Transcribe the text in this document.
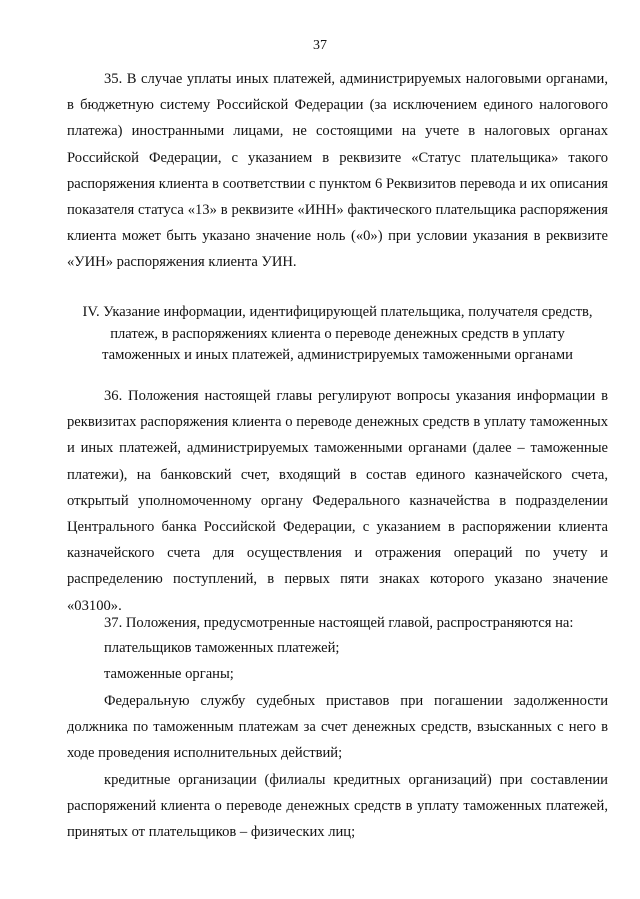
37

35. В случае уплаты иных платежей, администрируемых налоговыми органами, в бюджетную систему Российской Федерации (за исключением единого налогового платежа) иностранными лицами, не состоящими на учете в налоговых органах Российской Федерации, с указанием в реквизите «Статус плательщика» такого распоряжения клиента в соответствии с пунктом 6 Реквизитов перевода и их описания показателя статуса «13» в реквизите «ИНН» фактического плательщика распоряжения клиента может быть указано значение ноль («0») при условии указания в реквизите «УИН» распоряжения клиента УИН.

IV. Указание информации, идентифицирующей плательщика, получателя средств,
платеж, в распоряжениях клиента о переводе денежных средств в уплату
таможенных и иных платежей, администрируемых таможенными органами

36. Положения настоящей главы регулируют вопросы указания информации в реквизитах распоряжения клиента о переводе денежных средств в уплату таможенных и иных платежей, администрируемых таможенными органами (далее – таможенные платежи), на банковский счет, входящий в состав единого казначейского счета, открытый уполномоченному органу Федерального казначейства в подразделении Центрального банка Российской Федерации, с указанием в распоряжении клиента казначейского счета для осуществления и отражения операций по учету и распределению поступлений, в первых пяти знаках которого указано значение «03100».

37. Положения, предусмотренные настоящей главой, распространяются на:

плательщиков таможенных платежей;

таможенные органы;

Федеральную службу судебных приставов при погашении задолженности должника по таможенным платежам за счет денежных средств, взысканных с него в ходе проведения исполнительных действий;

кредитные организации (филиалы кредитных организаций) при составлении распоряжений клиента о переводе денежных средств в уплату таможенных платежей, принятых от плательщиков – физических лиц;
